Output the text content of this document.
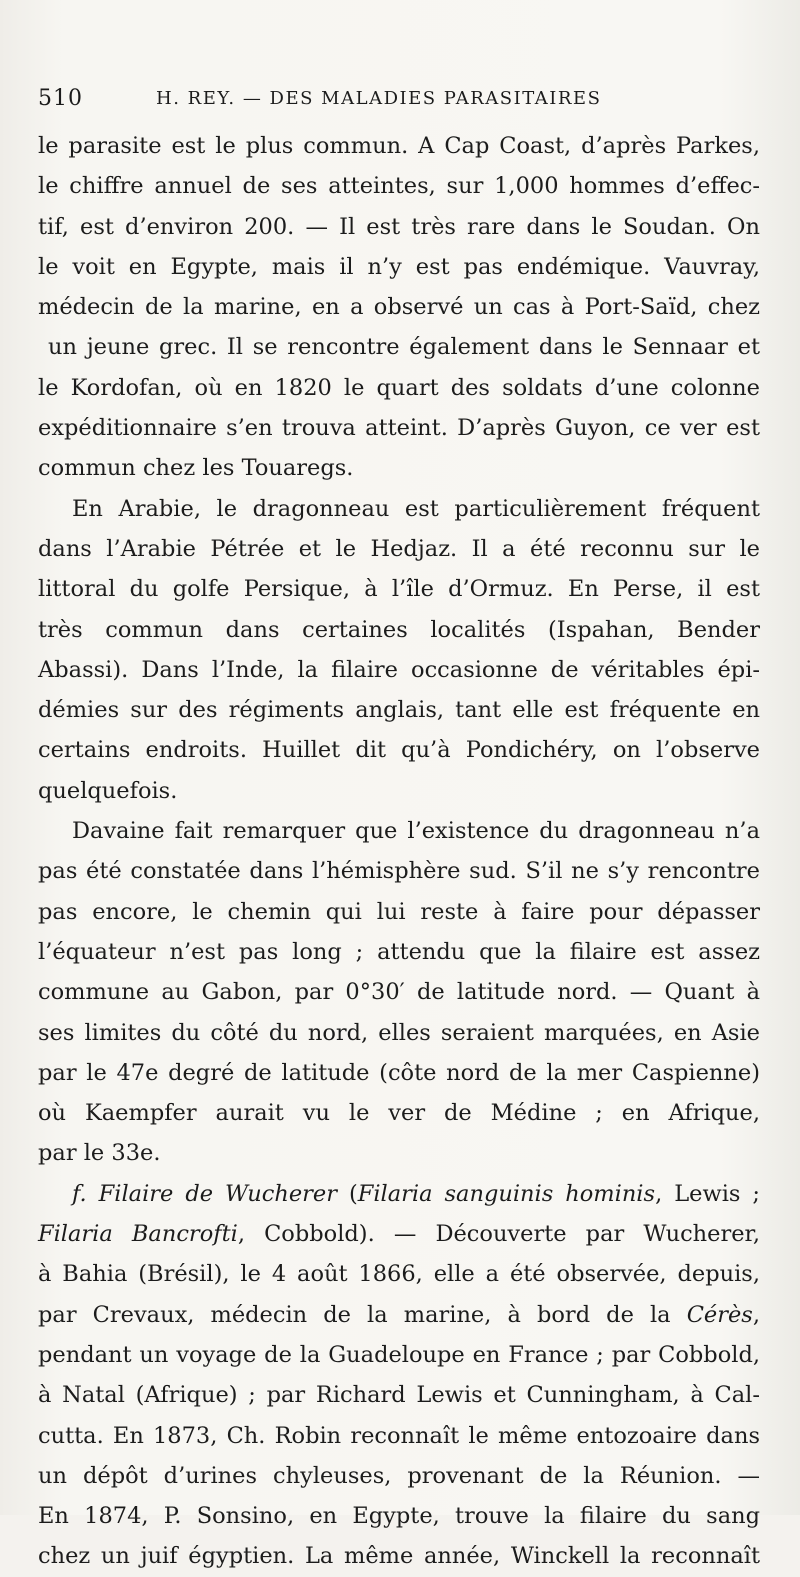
510	H. REY. — DES MALADIES PARASITAIRES
le parasite est le plus commun. A Cap Coast, d’après Parkes,
le chiffre annuel de ses atteintes, sur 1,000 hommes d’effec-
tif, est d’environ 200. — Il est très rare dans le Soudan. On
le voit en Egypte, mais il n’y est pas endémique. Vauvray,
médecin de la marine, en a observé un cas à Port-Saïd, chez
un jeune grec. Il se rencontre également dans le Sennaar et
le Kordofan, où en 1820 le quart des soldats d’une colonne
expéditionnaire s’en trouva atteint. D’après Guyon, ce ver est
commun chez les Touaregs.
En Arabie, le dragonneau est particulièrement fréquent
dans l’Arabie Pétrée et le Hedjaz. Il a été reconnu sur le
littoral du golfe Persique, à l’île d’Ormuz. En Perse, il est
très commun dans certaines localités (Ispahan, Bender
Abassi). Dans l’Inde, la filaire occasionne de véritables épi-
démies sur des régiments anglais, tant elle est fréquente en
certains endroits. Huillet dit qu’à Pondichéry, on l’observe
quelquefois.
Davaine fait remarquer que l’existence du dragonneau n’a
pas été constatée dans l’hémisphère sud. S’il ne s’y rencontre
pas encore, le chemin qui lui reste à faire pour dépasser
l’équateur n’est pas long ; attendu que la filaire est assez
commune au Gabon, par 0°30′ de latitude nord. — Quant à
ses limites du côté du nord, elles seraient marquées, en Asie
par le 47e degré de latitude (côte nord de la mer Caspienne)
où Kaempfer aurait vu le ver de Médine ; en Afrique,
par le 33e.
f. Filaire de Wucherer (Filaria sanguinis hominis, Lewis ;
Filaria Bancrofti, Cobbold). — Découverte par Wucherer,
à Bahia (Brésil), le 4 août 1866, elle a été observée, depuis,
par Crevaux, médecin de la marine, à bord de la Cérès,
pendant un voyage de la Guadeloupe en France ; par Cobbold,
à Natal (Afrique) ; par Richard Lewis et Cunningham, à Cal-
cutta. En 1873, Ch. Robin reconnaît le même entozoaire dans
un dépôt d’urines chyleuses, provenant de la Réunion. —
En 1874, P. Sonsino, en Egypte, trouve la filaire du sang
chez un juif égyptien. La même année, Winckell la reconnaît
